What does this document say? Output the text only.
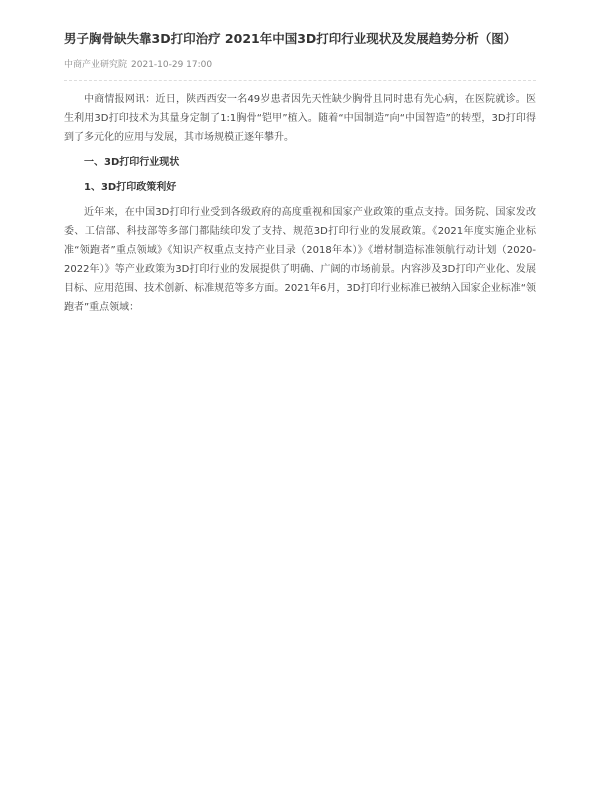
男子胸骨缺失靠3D打印治疗 2021年中国3D打印行业现状及发展趋势分析（图）
中商产业研究院 2021-10-29 17:00

中商情报网讯：近日，陕西西安一名49岁患者因先天性缺少胸骨且同时患有先心病，在医院就诊。医生利用3D打印技术为其量身定制了1:1胸骨“铠甲”植入。随着“中国制造”向“中国智造”的转型，3D打印得到了多元化的应用与发展，其市场规模正逐年攀升。

一、3D打印行业现状
1、3D打印政策利好

近年来，在中国3D打印行业受到各级政府的高度重视和国家产业政策的重点支持。国务院、国家发改委、工信部、科技部等多部门都陆续印发了支持、规范3D打印行业的发展政策。《2021年度实施企业标准“领跑者”重点领域》《知识产权重点支持产业目录（2018年本）》《增材制造标准领航行动计划（2020-2022年）》等产业政策为3D打印行业的发展提供了明确、广阔的市场前景。内容涉及3D打印产业化、发展目标、应用范围、技术创新、标准规范等多方面。2021年6月，3D打印行业标准已被纳入国家企业标准“领跑者”重点领域：
